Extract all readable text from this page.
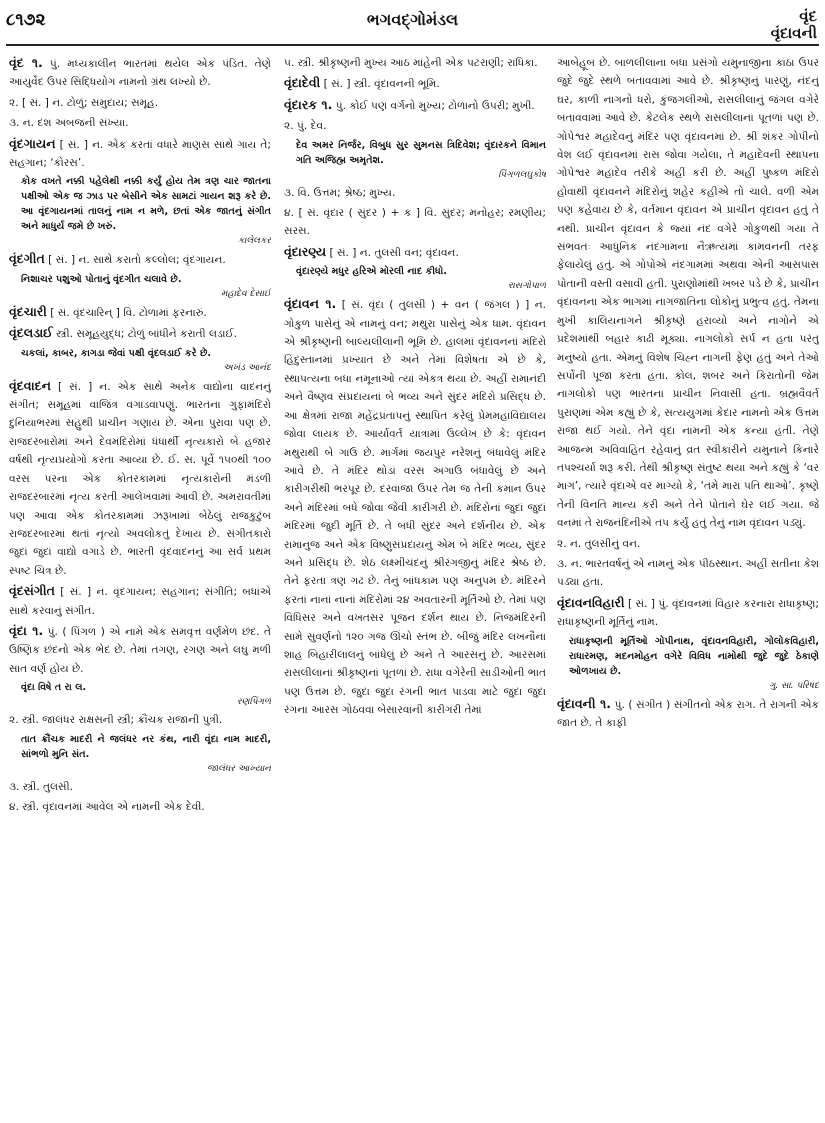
૮૧૭૨	ભગવદ્ગોમંડલ	વૃંદ
વૃંદાવની
વૃંદ ૧. પું. મધ્યકાલીન ભારતમાં થયેલ એક પંડિત. તેણે આયુર્વેદ ઉપર સિદ્ધિયોગ નામનો ગ્રંથ લખ્યો છે.
૨. [ સં. ] ન. ટોળું; સમુદાય; સમૂહ.
૩. ન. દશ અબજની સંખ્યા.
વૃંદગાયન [ સં. ] ન. એક કરતાં વધારે માણસ સાથે ગાય તે; સહગાન; ‘કોરસ’.
કોક વખતે નક્કી પહેલેથી નક્કી કર્યું હોય તેમ ત્રણ ચાર જાતના પક્ષીઓ એક જ ઝાડ પર બેસીને એક સામટાં ગાયન શરૂ કરે છે. આ વૃંદગાયનમાં તાલનું નામ ન મળે, છતાં એક જાતનું સંગીત અને માધુર્ય જમે છે ખરું.
કાલેલકર
વૃંદગીત [ સં. ] ન. સાથે કરાતો કલ્લોલ; વૃંદગાયન.
નિશાચર પશુઓ પોતાનું વૃંદગીત ચલાવે છે.
મહાદેવ દેસાઈ
વૃંદચારી [ સં. વૃંદચારિન્ ] વિ. ટોળામાં ફરનારું.
વૃંદલડાઈ સ્ત્રી. સમૂહયુદ્ધ; ટોળું બાંધીને કરાતી લડાઈ.
ચકલાં, કાબર, કાગડા જેવાં પક્ષી વૃંદલડાઈ કરે છે.
અખંડ આનંદ
વૃંદવાદન [ સં. ] ન. એક સાથે અનેક વાદ્યોના વાદનનું સંગીત; સમૂહમાં વાજિંત્ર વગાડવાપણું. ભારતના ગુફામંદિરો દુનિયાભરમાં સહુથી પ્રાચીન ગણાય છે. એના પુરાવા પણ છે. રાજદરબારોમાં અને દેવમંદિરોમાં ધંધાર્થી નૃત્યકારો બે હજાર વર્ષથી નૃત્યપ્રયોગો કરતા આવ્યા છે. ઈ. સ. પૂર્વે ૧૫૦થી ૧૦૦ વરસ પરના એક કોતરકામમાં નૃત્યકારોની મંડળી રાજદરબારમાં નૃત્ય કરતી આલેખવામાં આવી છે. અમરાવતીમાં પણ આવા એક કોતરકામમાં ઝરૂખામાં બેઠેલું રાજકુટુંબ રાજદરબારમાં થતાં નૃત્યો અવલોકતું દેખાય છે. સંગીતકારો જુદાં જુદાં વાદ્યો વગાડે છે. ભારતી વૃંદવાદનનું આ સર્વ પ્રથમ સ્પષ્ટ ચિત્ર છે.
વૃંદસંગીત [ સં. ] ન. વૃંદગાયન; સહગાન; સંગીતિ; બધાંએ સાથે કરવાનું સંગીત.
વૃંદા ૧. પું. ( પિંગળ ) એ નામે એક સમવૃત્ત વર્ણમેળ છંદ. તે ઉષ્ણિક છંદનો એક ભેદ છે. તેમાં તગણ, રગણ અને લઘુ મળી સાત વર્ણ હોય છે.
વૃંદા વિષે ત રા લ.
રણપિંગળ
૨. સ્ત્રી. જાલંધર રાક્ષસની સ્ત્રી; ક્રૌંચક રાજાની પુત્રી.
તાત ક્રૌંચક માદરી ને જલંધર નર કંથ, નારી વૃંદા નામ માદરી, સાંભળો મુનિ સંત.
જાલંધર આખ્યાન
૩. સ્ત્રી. તુલસી.
૪. સ્ત્રી. વૃંદાવનમાં આવેલ એ નામની એક દેવી.
૫. સ્ત્રી. શ્રીકૃષ્ણની મુખ્ય આઠ માંહેની એક પટરાણી; રાધિકા.
વૃંદાદેવી [ સં. ] સ્ત્રી. વૃંદાવનની ભૂમિ.
વૃંદારક ૧. પું. કોઈ પણ વર્ગનો મુખ્ય; ટોળાનો ઉપરી; મુખી.
૨. પું. દેવ.
દેવ અમર નિર્જર, વિબુધ સુર સુમનસ ત્રિદિવેશ; વૃંદારકને વિમાન ગતિ અજિહ્મ અમૃતેશ.
પિંગળલઘુકોષ
૩. વિ. ઉત્તમ; શ્રેષ્ઠ; મુખ્ય.
૪. [ સં. વૃંદાર ( સુંદર ) + ક ] વિ. સુંદર; મનોહર; રમણીય; સરસ.
વૃંદારણ્ય [ સં. ] ન. તુલસી વન; વૃંદાવન.
વૃંદારણ્યે મધુર હરિએ મોરલી નાદ કીધો.
રાસગોપાળ
વૃંદાવન ૧. [ સં. વૃંદા ( તુલસી ) + વન ( જંગલ ) ] ન. ગોકુળ પાસેનું એ નામનું વન; મથુરા પાસેનું એક ધામ. વૃંદાવન એ શ્રીકૃષ્ણની બાલ્યલીલાની ભૂમિ છે. હાલમાં વૃંદાવનનાં મંદિરો હિંદુસ્તાનમાં પ્રખ્યાત છે અને તેમાં વિશેષતા એ છે કે, સ્થાપત્યના બધા નમૂનાઓ ત્યાં એકત્ર થયા છે. અહીં રામાનંદી અને વૈષ્ણવ સંપ્રદાયનાં બે ભવ્ય અને સુંદર મંદિરો પ્રસિદ્ધ છે. આ ક્ષેત્રમાં રાજા મહેંદ્રપ્રતાપનું સ્થાપિત કરેલું પ્રેમમહાવિદ્યાલય જોવા લાયક છે. આર્યાવર્ત યાત્રામાં ઉલ્લેખ છે કે: વૃંદાવન મથુરાથી બે ગાઉ છે. માર્ગમાં જયપુર નરેશનું બંધાવેલું મંદિર આવે છે. તે મંદિર થોડાં વરસ અગાઉ બંધાવેલું છે અને કારીગરીથી ભરપૂર છે. દરવાજા ઉપર તેમ જ તેની કમાન ઉપર અને મંદિરમાં બધે જોવા જેવી કારીગરી છે. મંદિરોનાં જુદાં જુદાં મંદિરમાં જુદી મૂર્તિ છે. તે બધી સુંદર અને દર્શનીય છે. એક રામાનુજ અને એક વિષ્ણુસંપ્રદાયનું એમ બે મંદિર ભવ્ય, સુંદર અને પ્રસિદ્ધ છે. શેઠ લક્ષ્મીચંદનું શ્રીરંગજીનું મંદિર શ્રેષ્ઠ છે. તેને ફરતા ત્રણ ગઢ છે. તેનું બાંધકામ પણ અનુપમ છે. મંદિરને ફરતાં નાનાં નાનાં મંદિરોમાં ૨૪ અવતારની મૂર્તિઓ છે. તેમાં પણ વિધિસર અને વખતસર પૂજન દર્શન થાય છે. નિજમંદિરની સામે સુવર્ણનો ૧૨૦ ગજ ઊંચો સ્તંભ છે. બીજું મંદિર લખનૌના શાહ બિહારીલાલનું બાંધેલું છે અને તે આરસનું છે. આરસમાં રાસલીલાનાં શ્રીકૃષ્ણનાં પૂતળાં છે. રાધા વગેરેની સાડીઓની ભાત પણ ઉત્તમ છે. જુદા જુદા રંગની ભાત પાડવા માટે જુદા જુદા રંગના આરસ ગોઠવવા બેસારવાની કારીગરી તેમાં
આબેહૂબ છે. બાળલીલાના બધા પ્રસંગો યમુનાજીના કાંઠા ઉપર જુદે જુદે સ્થળે બતાવવામાં આવે છે. શ્રીકૃષ્ણનું પારણું, નંદનું ઘર, કાળી નાગનો ધરો, કુંજગલીઓ, રાસલીલાનું જંગલ વગેરે બતાવવામાં આવે છે. કેટલેક સ્થળે રાસલીલાનાં પૂતળાં પણ છે. ગોપેશ્વર મહાદેવનું મંદિર પણ વૃંદાવનમાં છે. શ્રી શંકર ગોપીનો વેશ લઈ વૃંદાવનમાં રાસ જોવા ગયેલા, તે મહાદેવની સ્થાપના ગોપેશ્વર મહાદેવ તરીકે અહીં કરી છે. અહીં પુષ્કળ મંદિરો હોવાથી વૃંદાવનને મંદિરોનું શહેર કહીએ તો ચાલે. વળી એમ પણ કહેવાય છે કે, વર્તમાન વૃંદાવન એ પ્રાચીન વૃંદાવન હતું તે નથી. પ્રાચીન વૃંદાવન કે જ્યાં નંદ વગેરે ગોકુળથી ગયા તે સંભવતઃ આધુનિક નંદગામના નૈઋત્યમાં કામવનની તરફ ફેલાયેલું હતું. એ ગોપોએ નંદગામમાં અથવા એની આસપાસ પોતાની વસ્તી વસાવી હતી. પુરાણોમાંથી ખબર પડે છે કે, પ્રાચીન વૃંદાવનના એક ભાગમાં નાગજાતિના લોકોનું પ્રભુત્વ હતું. તેમના મુખી કાલિયનાગને શ્રીકૃષ્ણે હરાવ્યો અને નાગોને એ પ્રદેશમાંથી બહાર કાઢી મૂક્યા. નાગલોકો સર્પ ન હતા પરંતુ મનુષ્યો હતા. એમનું વિશેષ ચિહ્ન નાગની ફેણ હતું અને તેઓ સર્પોની પૂજા કરતા હતા. કોલ, શબર અને કિરાતોની જેમ નાગલોકો પણ ભારતના પ્રાચીન નિવાસી હતા. બ્રહ્મવૈવર્ત પુરાણમાં એમ કહ્યું છે કે, સત્યયુગમાં કેદાર નામનો એક ઉત્તમ રાજા થઈ ગયો. તેને વૃંદા નામની એક કન્યા હતી. તેણે આજન્મ અવિવાહિત રહેવાનું વ્રત સ્વીકારીને યમુનાને કિનારે તપશ્ચર્યા શરૂ કરી. તેથી શ્રીકૃષ્ણ સંતુષ્ટ થયા અને કહ્યું કે ‘વર માગ’, ત્યારે વૃંદાએ વર માગ્યો કે, ‘તમે મારા પતિ થાઓ’. કૃષ્ણે તેની વિનતિ માન્ય કરી અને તેને પોતાને ઘેર લઈ ગયા. જે વનમાં તે રાજનંદિનીએ તપ કર્યું હતું તેનું નામ વૃંદાવન પડ્યું.
૨. ન. તુલસીનું વન.
૩. ન. ભારતવર્ષનું એ નામનું એક પીઠસ્થાન. અહીં સતીના કેશ પડ્યા હતા.
વૃંદાવનવિહારી [ સં. ] પું. વૃંદાવનમાં વિહાર કરનારા રાધાકૃષ્ણ; રાધાકૃષ્ણની મૂર્તિનું નામ.
રાધાકૃષ્ણની મૂર્તિઓ ગોપીનાથ, વૃંદાવનવિહારી, ગોલોકવિહારી, રાધારમણ, મદનમોહન વગેરે વિવિધ નામોથી જુદે જુદે ઠેકાણે ઓળખાય છે.
ગુ. સા. પરિષદ
વૃંદાવની ૧. પું. ( સંગીત ) સંગીતનો એક રાગ. તે રાગની એક જાત છે. તે કાફી
